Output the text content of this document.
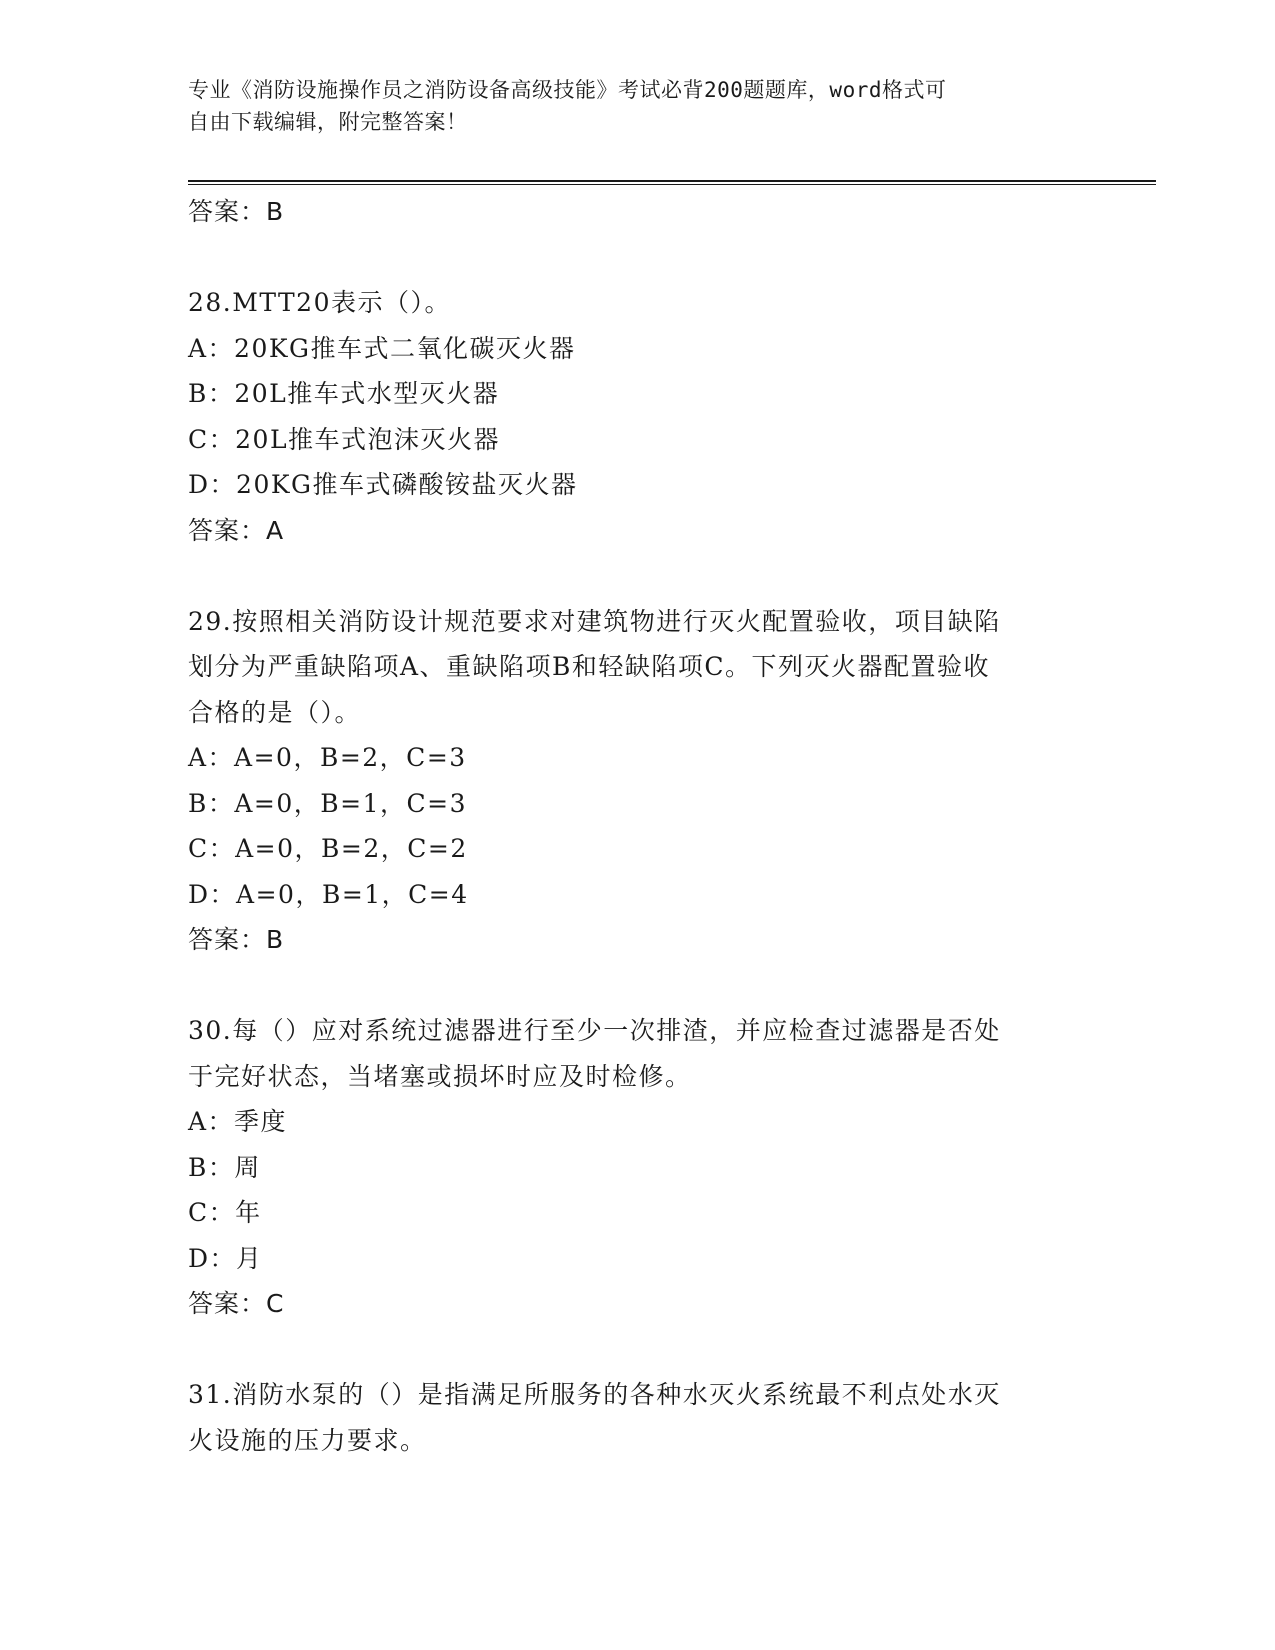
专业《消防设施操作员之消防设备高级技能》考试必背200题题库，word格式可
自由下载编辑，附完整答案！
答案：B
28.MTT20表示（）。
A：20KG推车式二氧化碳灭火器
B：20L推车式水型灭火器
C：20L推车式泡沫灭火器
D：20KG推车式磷酸铵盐灭火器
答案：A
29.按照相关消防设计规范要求对建筑物进行灭火配置验收，项目缺陷
划分为严重缺陷项A、重缺陷项B和轻缺陷项C。下列灭火器配置验收
合格的是（）。
A：A=0，B=2，C=3
B：A=0，B=1，C=3
C：A=0，B=2，C=2
D：A=0，B=1，C=4
答案：B
30.每（）应对系统过滤器进行至少一次排渣，并应检查过滤器是否处
于完好状态，当堵塞或损坏时应及时检修。
A：季度
B：周
C：年
D：月
答案：C
31.消防水泵的（）是指满足所服务的各种水灭火系统最不利点处水灭
火设施的压力要求。
